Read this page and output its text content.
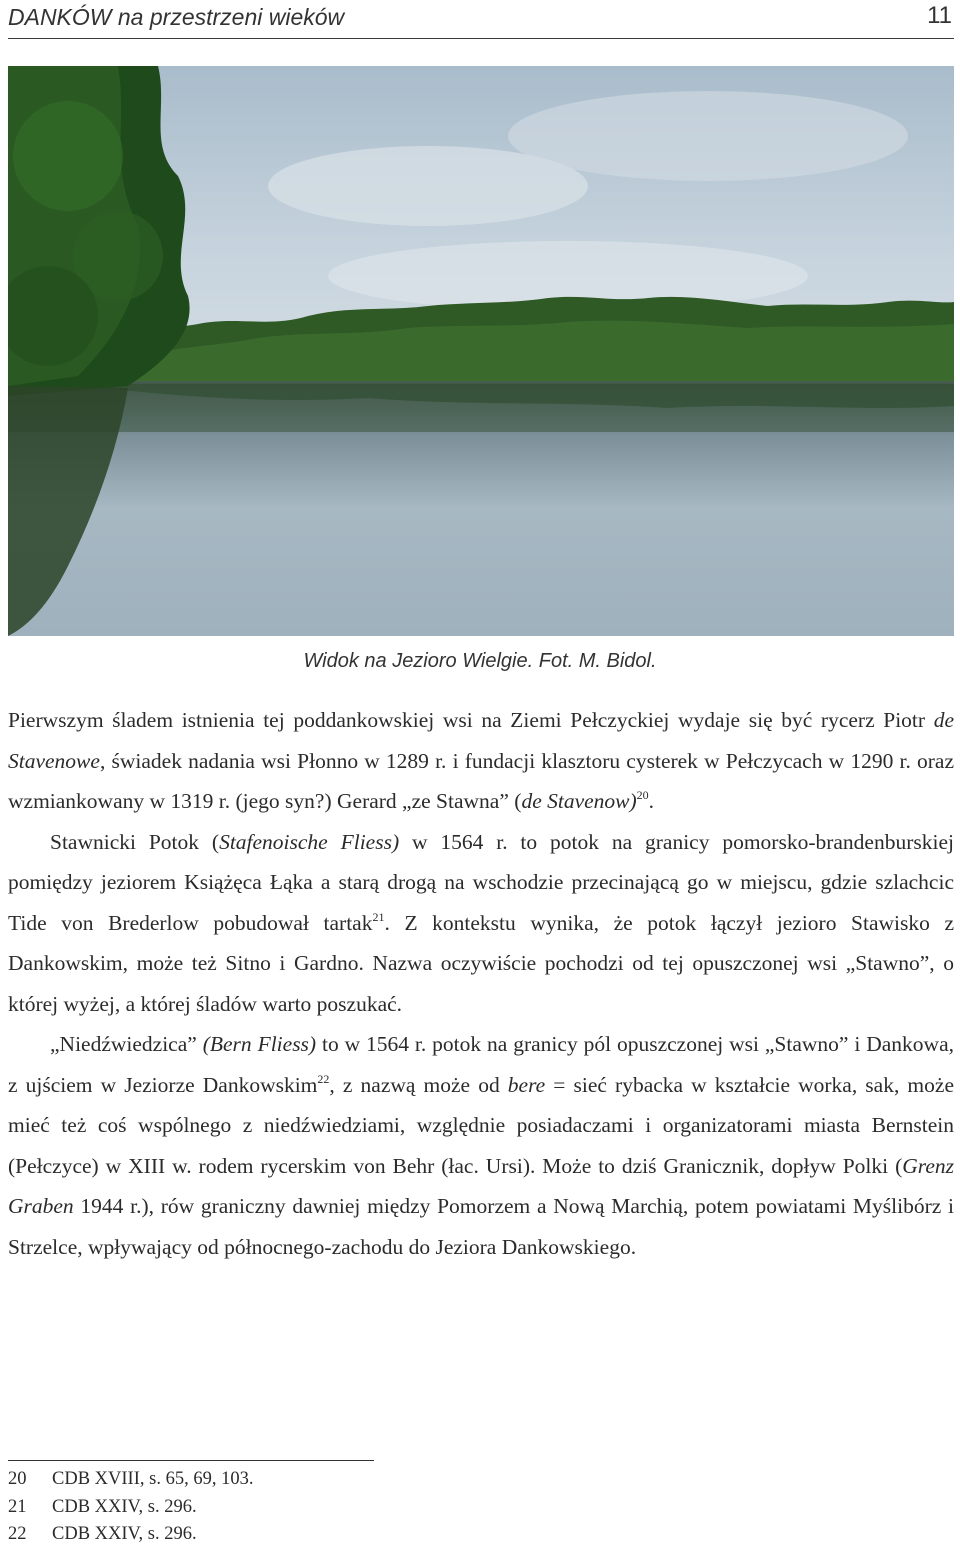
DANKÓW na przestrzeni wieków	11
Widok na Jezioro Wielgie. Fot. M. Bidol.

Pierwszym śladem istnienia tej poddankowskiej wsi na Ziemi Pełczyckiej wydaje się być rycerz Piotr de Stavenowe, świadek nadania wsi Płonno w 1289 r. i fundacji klasztoru cysterek w Pełczycach w 1290 r. oraz wzmiankowany w 1319 r. (jego syn?) Gerard „ze Stawna” (de Stavenow)$^{20}$.

Stawnicki Potok (Stafenoische Fliess) w 1564 r. to potok na granicy pomorsko-brandenburskiej pomiędzy jeziorem Książęca Łąka a starą drogą na wschodzie przecinającą go w miejscu, gdzie szlachcic Tide von Brederlow pobudował tartak$^{21}$. Z kontekstu wynika, że potok łączył jezioro Stawisko z Dankowskim, może też Sitno i Gardno. Nazwa oczywiście pochodzi od tej opuszczonej wsi „Stawno”, o której wyżej, a której śladów warto poszukać.

„Niedźwiedzica” (Bern Fliess) to w 1564 r. potok na granicy pól opuszczonej wsi „Stawno” i Dankowa, z ujściem w Jeziorze Dankowskim$^{22}$, z nazwą może od bere = sieć rybacka w kształcie worka, sak, może mieć też coś wspólnego z niedźwiedziami, względnie posiadaczami i organizatorami miasta Bernstein (Pełczyce) w XIII w. rodem rycerskim von Behr (łac. Ursi). Może to dziś Granicznik, dopływ Polki (Grenz Graben 1944 r.), rów graniczny dawniej między Pomorzem a Nową Marchią, potem powiatami Myślibórz i Strzelce, wpływający od północnego-zachodu do Jeziora Dankowskiego.

20	CDB XVIII, s. 65, 69, 103.
21	CDB XXIV, s. 296.
22	CDB XXIV, s. 296.
